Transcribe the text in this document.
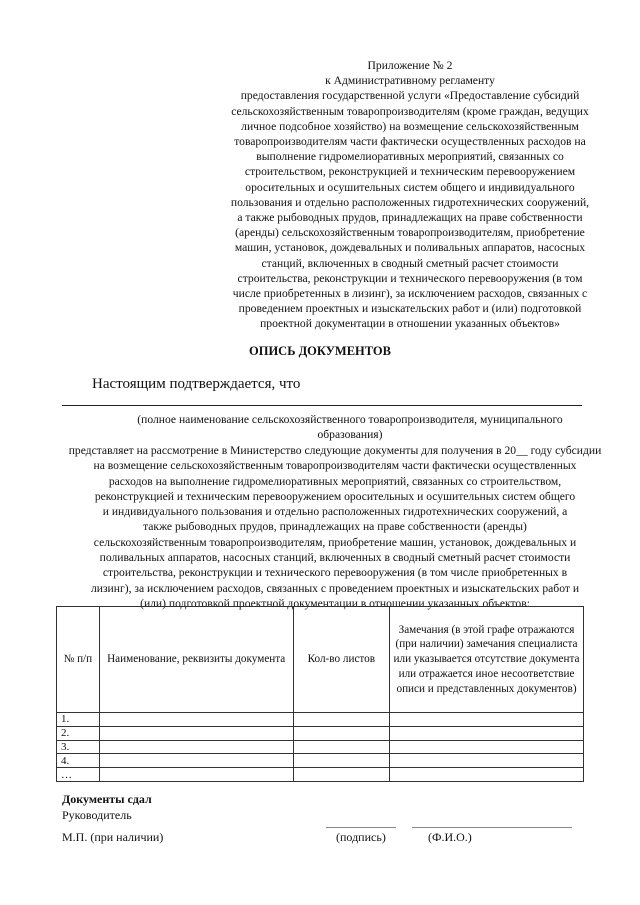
Приложение № 2
к Административному регламенту
предоставления государственной услуги «Предоставление субсидий
сельскохозяйственным товаропроизводителям (кроме граждан, ведущих
личное подсобное хозяйство) на возмещение сельскохозяйственным
товаропроизводителям части фактически осуществленных расходов на
выполнение гидромелиоративных мероприятий, связанных со
строительством, реконструкцией и техническим перевооружением
оросительных и осушительных систем общего и индивидуального
пользования и отдельно расположенных гидротехнических сооружений,
а также рыбоводных прудов, принадлежащих на праве собственности
(аренды) сельскохозяйственным товаропроизводителям, приобретение
машин, установок, дождевальных и поливальных аппаратов, насосных
станций, включенных в сводный сметный расчет стоимости
строительства, реконструкции и технического перевооружения (в том
числе приобретенных в лизинг), за исключением расходов, связанных с
проведением проектных и изыскательских работ и (или) подготовкой
проектной документации в отношении указанных объектов»
ОПИСЬ ДОКУМЕНТОВ
Настоящим подтверждается, что
(полное наименование сельскохозяйственного товаропроизводителя, муниципального образования)
представляет на рассмотрение в Министерство следующие документы для получения в 20__ году субсидии
на возмещение сельскохозяйственным товаропроизводителям части фактически осуществленных
расходов на выполнение гидромелиоративных мероприятий, связанных со строительством,
реконструкцией и техническим перевооружением оросительных и осушительных систем общего
и индивидуального пользования и отдельно расположенных гидротехнических сооружений, а
также рыбоводных прудов, принадлежащих на праве собственности (аренды)
сельскохозяйственным товаропроизводителям, приобретение машин, установок, дождевальных и
поливальных аппаратов, насосных станций, включенных в сводный сметный расчет стоимости
строительства, реконструкции и технического перевооружения (в том числе приобретенных в
лизинг), за исключением расходов, связанных с проведением проектных и изыскательских работ и
(или) подготовкой проектной документации в отношении указанных объектов:
№ п/п	Наименование, реквизиты документа	Кол-во листов	Замечания (в этой графе отражаются (при наличии) замечания специалиста или указывается отсутствие документа или отражается иное несоответствие описи и представленных документов)
1.			
2.			
3.			
4.			
…			
Документы сдал
Руководитель
М.П. (при наличии)	(подпись)	(Ф.И.О.)
